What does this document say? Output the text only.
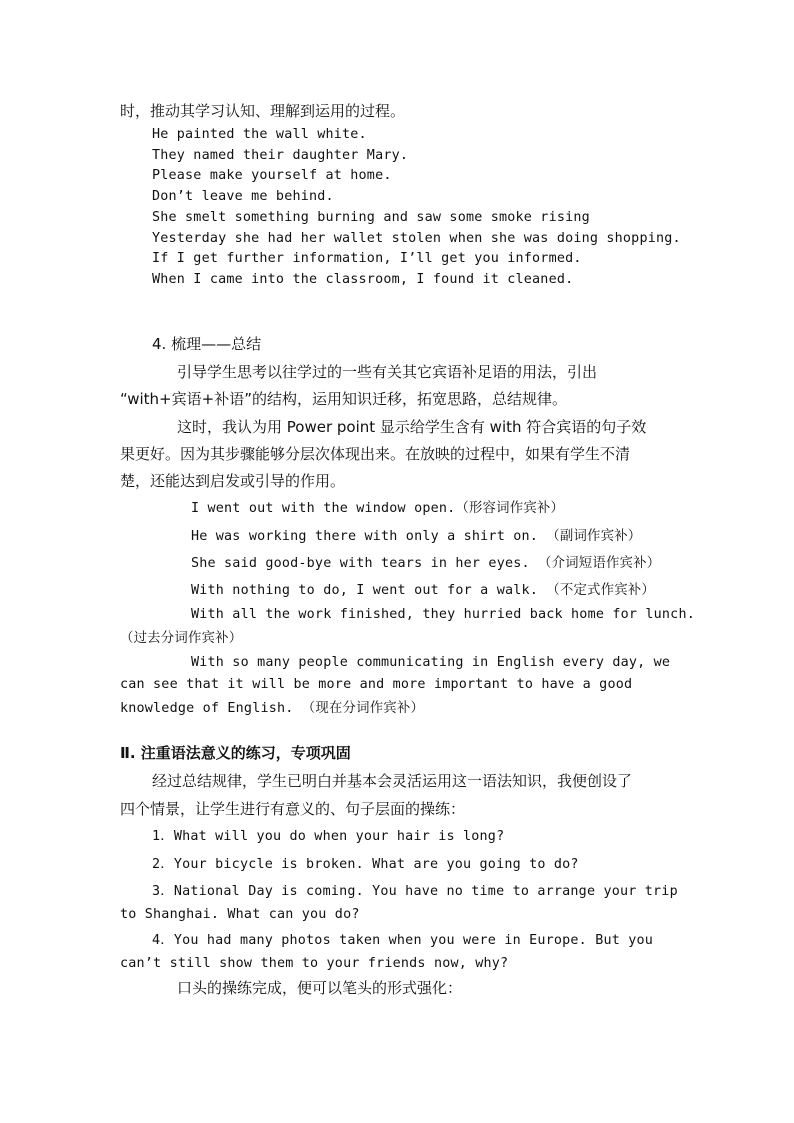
时，推动其学习认知、理解到运用的过程。
He painted the wall white.
They named their daughter Mary.
Please make yourself at home.
Don’t leave me behind.
She smelt something burning and saw some smoke rising
Yesterday she had her wallet stolen when she was doing shopping.
If I get further information, I’ll get you informed.
When I came into the classroom, I found it cleaned.
4. 梳理——总结
引导学生思考以往学过的一些有关其它宾语补足语的用法，引出
“with+宾语+补语”的结构，运用知识迁移，拓宽思路，总结规律。
这时，我认为用 Power point 显示给学生含有 with 符合宾语的句子效
果更好。因为其步骤能够分层次体现出来。在放映的过程中，如果有学生不清
楚，还能达到启发或引导的作用。
I went out with the window open.（形容词作宾补）
He was working there with only a shirt on. （副词作宾补）
She said good-bye with tears in her eyes. （介词短语作宾补）
With nothing to do, I went out for a walk. （不定式作宾补）
With all the work finished, they hurried back home for lunch.
（过去分词作宾补）
With so many people communicating in English every day, we
can see that it will be more and more important to have a good
knowledge of English. （现在分词作宾补）
Ⅱ. 注重语法意义的练习，专项巩固
经过总结规律，学生已明白并基本会灵活运用这一语法知识，我便创设了
四个情景，让学生进行有意义的、句子层面的操练：
1．What will you do when your hair is long?
2．Your bicycle is broken. What are you going to do?
3．National Day is coming. You have no time to arrange your trip
to Shanghai. What can you do?
4．You had many photos taken when you were in Europe. But you
can’t still show them to your friends now, why?
口头的操练完成，便可以笔头的形式强化：
